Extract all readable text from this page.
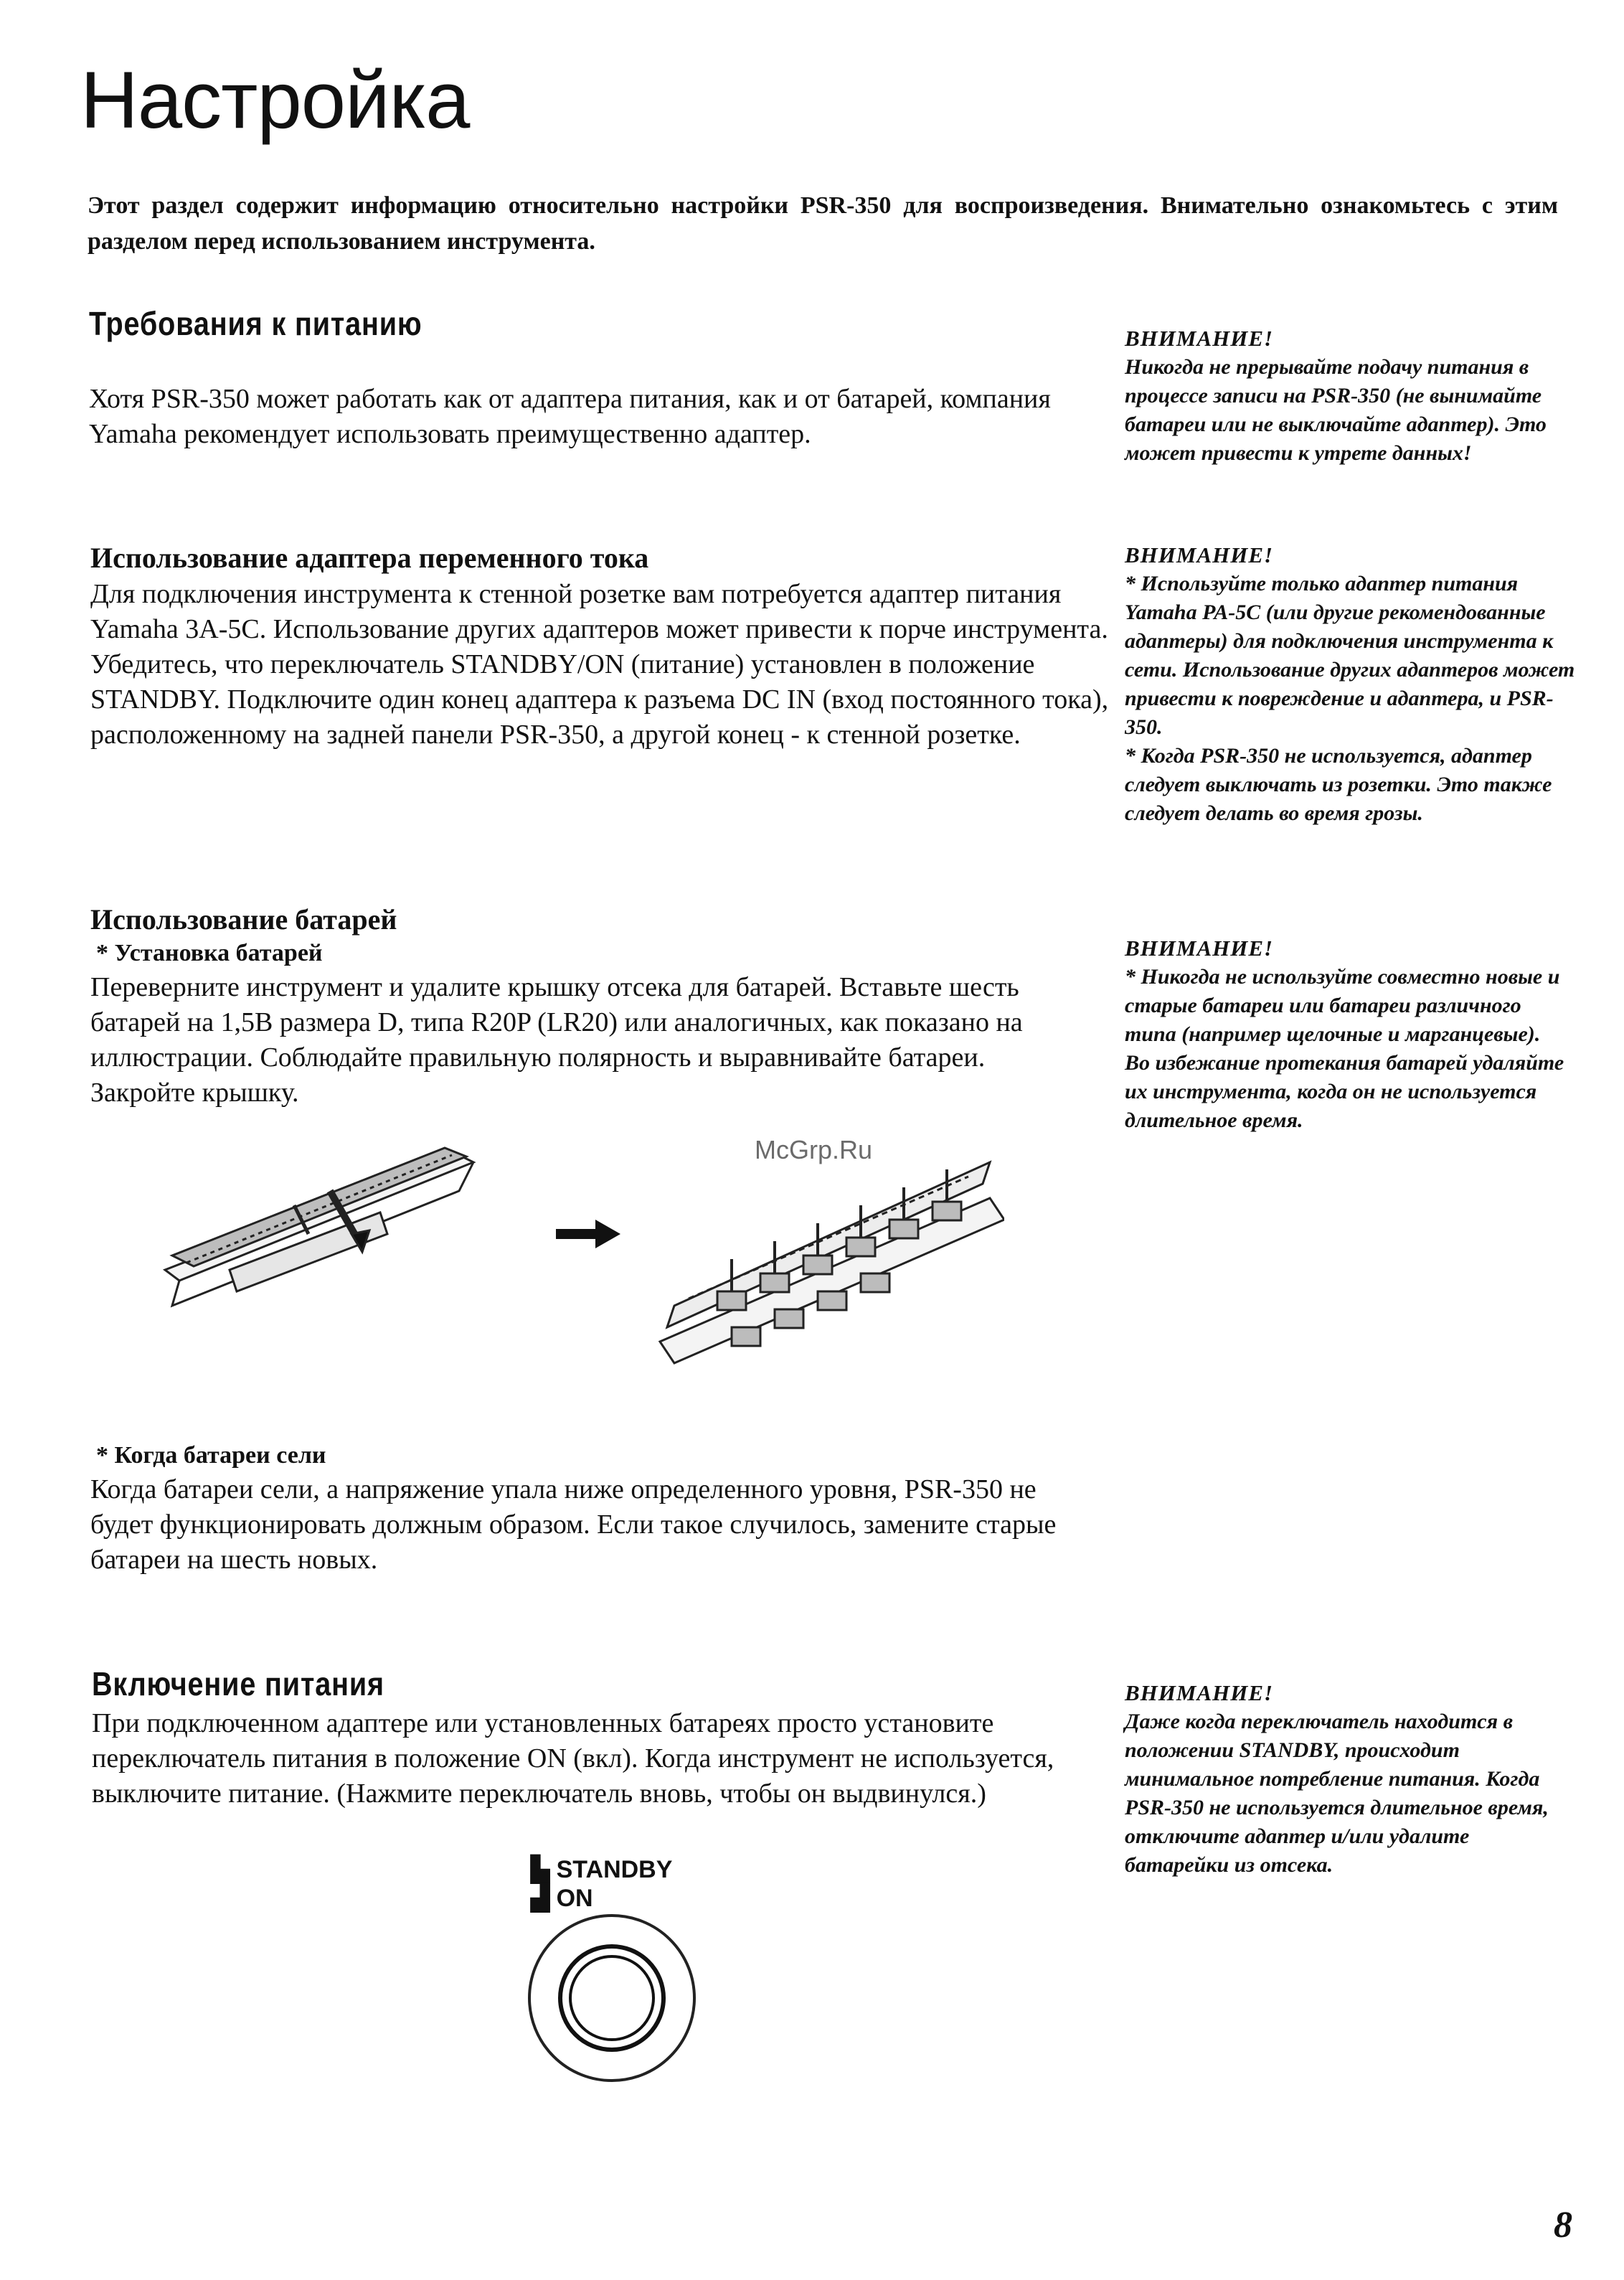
Настройка
Этот раздел содержит информацию относительно настройки PSR-350 для воспроизведения. Внимательно ознакомьтесь с этим разделом перед использованием инструмента.
Требования к питанию
Хотя PSR-350 может работать как от адаптера питания, как и от батарей, компания Yamaha рекомендует использовать преимущественно адаптер.
Использование адаптера переменного тока
Для подключения инструмента к стенной розетке вам потребуется адаптер питания Yamaha 3A-5C. Использование других адаптеров может привести к порче инструмента.
Убедитесь, что переключатель STANDBY/ON (питание) установлен в положение STANDBY. Подключите один конец адаптера к разъема DC IN (вход постоянного тока), расположенному на задней панели PSR-350, а другой конец - к стенной розетке.
Использование батарей
* Установка батарей
Переверните инструмент и удалите крышку отсека для батарей. Вставьте шесть батарей на 1,5В размера D, типа R20P (LR20) или аналогичных, как показано на иллюстрации. Соблюдайте правильную полярность и выравнивайте батареи. Закройте крышку.
McGrp.Ru
* Когда батареи сели
Когда батареи сели, а напряжение упала ниже определенного уровня, PSR-350 не будет функционировать должным образом. Если такое случилось, замените старые батареи на шесть новых.
Включение питания
При подключенном адаптере или установленных батареях просто установите переключатель питания в положение ON (вкл). Когда инструмент не используется, выключите питание. (Нажмите переключатель вновь, чтобы он выдвинулся.)
▙ STANDBY
▟ ON
ВНИМАНИЕ!
Никогда не прерывайте подачу питания в процессе записи на PSR-350 (не вынимайте батареи или не выключайте адаптер). Это может привести к утрете данных!
ВНИМАНИЕ!
* Используйте только адаптер питания Yamaha PA-5C (или другие рекомендованные адаптеры) для подключения инструмента к сети. Использование других адаптеров может привести к повреждение и адаптера, и PSR-350.
* Когда PSR-350 не используется, адаптер следует выключать из розетки. Это также следует делать во время грозы.
ВНИМАНИЕ!
* Никогда не используйте совместно новые и старые батареи или батареи различного типа (например щелочные и марганцевые).
Во избежание протекания батарей удаляйте их инструмента, когда он не используется длительное время.
ВНИМАНИЕ!
Даже когда переключатель находится в положении STANDBY, происходит минимальное потребление питания. Когда PSR-350 не используется длительное время, отключите адаптер и/или удалите батарейки из отсека.
8
